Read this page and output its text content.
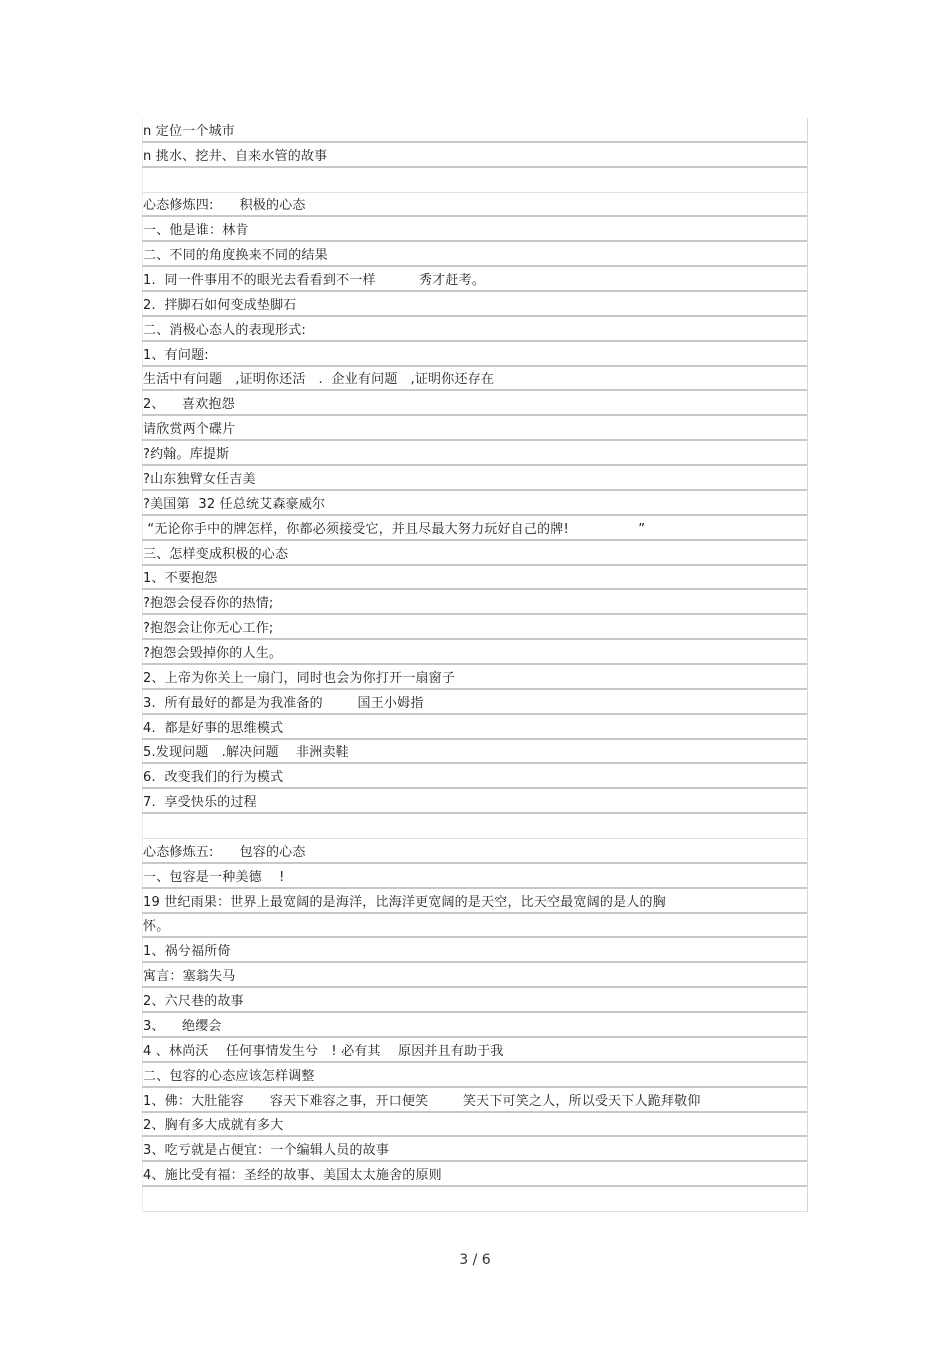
n 定位一个城市
n 挑水、挖井、自来水管的故事
心态修炼四:      积极的心态
一、他是谁：林肯
二、不同的角度换来不同的结果
1.  同一件事用不的眼光去看看到不一样          秀才赶考。
2.  拌脚石如何变成垫脚石
二、消极心态人的表现形式:
1、有问题:
生活中有问题   ,证明你还活   .  企业有问题   ,证明你还存在
2、    喜欢抱怨
请欣赏两个碟片
?约翰。库提斯
?山东独臂女任吉美
?美国第  32 任总统艾森豪威尔
“无论你手中的牌怎样，你都必须接受它，并且尽最大努力玩好自己的牌!                ”
三、怎样变成积极的心态
1、不要抱怨
?抱怨会侵吞你的热情;
?抱怨会让你无心工作;
?抱怨会毁掉你的人生。
2、上帝为你关上一扇门，同时也会为你打开一扇窗子
3.  所有最好的都是为我准备的        国王小姆指
4.  都是好事的思维模式
5.发现问题   .解决问题    非洲卖鞋
6.  改变我们的行为模式
7.  享受快乐的过程
心态修炼五:      包容的心态
一、包容是一种美德    !
19 世纪雨果：世界上最宽阔的是海洋，比海洋更宽阔的是天空，比天空最宽阔的是人的胸
怀。
1、祸兮福所倚
寓言：塞翁失马
2、六尺巷的故事
3、    绝缨会
4 、林尚沃    任何事情发生兮   ! 必有其    原因并且有助于我
二、包容的心态应该怎样调整
1、佛：大肚能容      容天下难容之事，开口便笑        笑天下可笑之人，所以受天下人跪拜敬仰
2、胸有多大成就有多大
3、吃亏就是占便宜：一个编辑人员的故事
4、施比受有福：圣经的故事、美国太太施舍的原则
3 / 6
